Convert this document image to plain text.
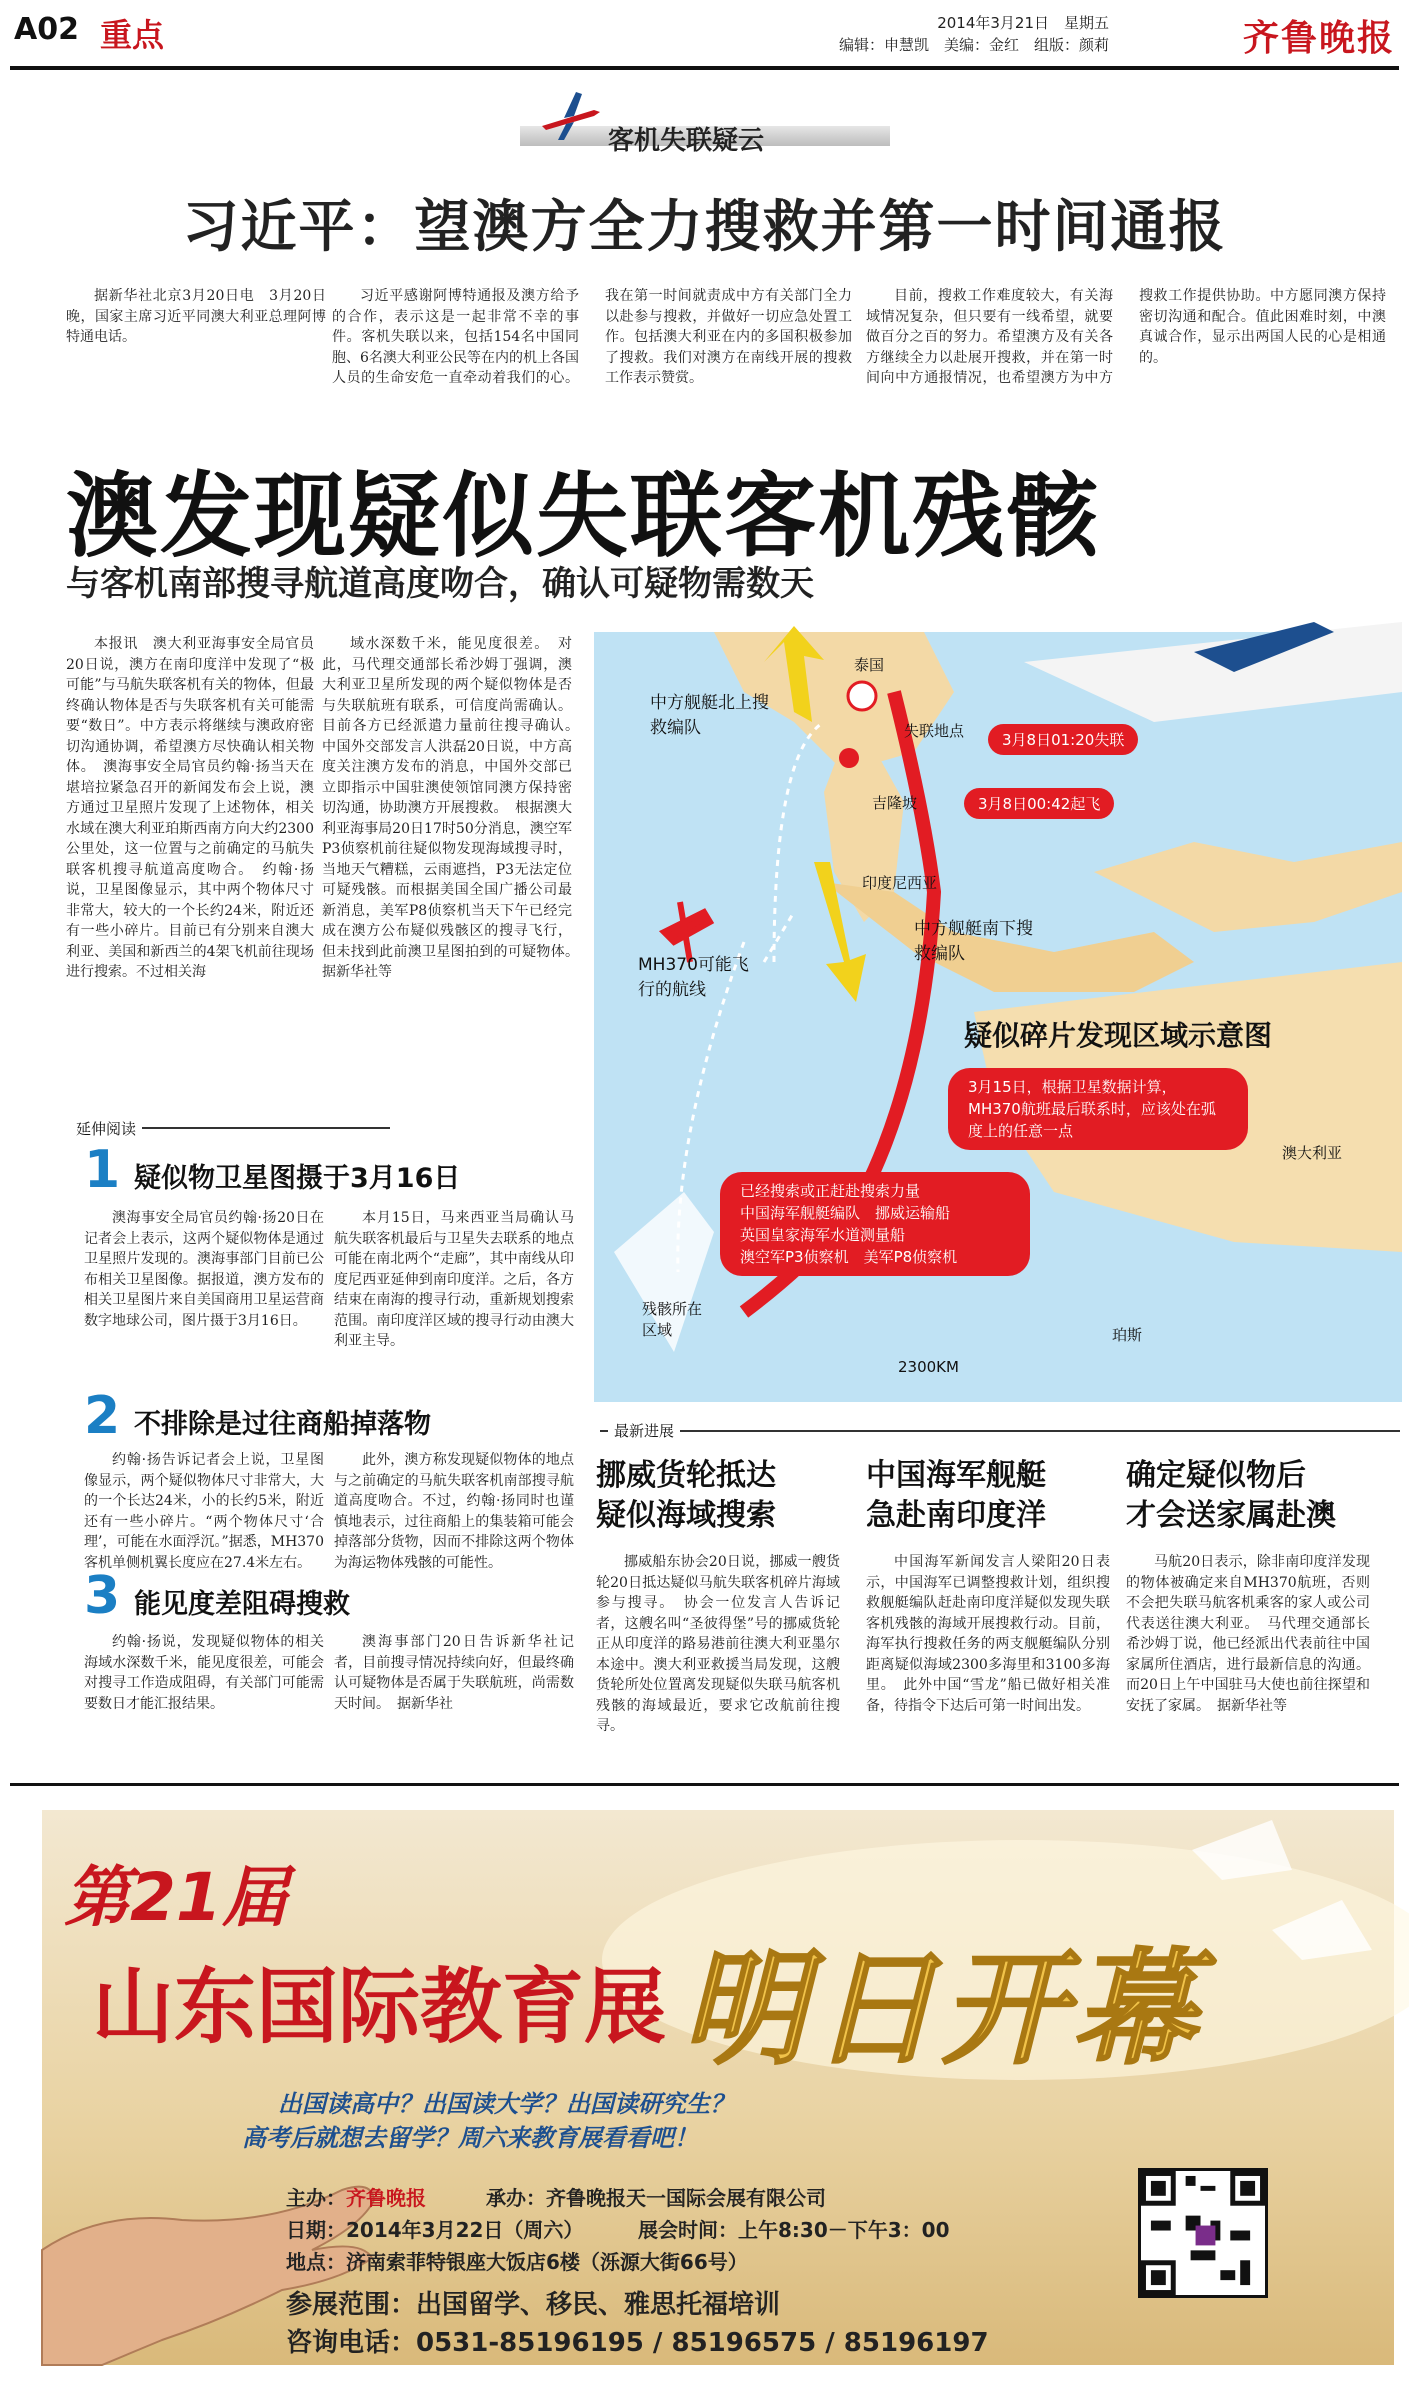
A02 重点	2014年3月21日　星期五
编辑：申慧凯　美编：金红　组版：颜莉	齐鲁晚报
客机失联疑云
习近平：望澳方全力搜救并第一时间通报
据新华社北京3月20日电　3月20日晚，国家主席习近平同澳大利亚总理阿博特通电话。
习近平感谢阿博特通报及澳方给予的合作，表示这是一起非常不幸的事件。客机失联以来，包括154名中国同胞、6名澳大利亚公民等在内的机上各国人员的生命安危一直牵动着我们的心。我在第一时间就责成中方有关部门全力以赴参与搜救，并做好一切应急处置工作。包括澳大利亚在内的多国积极参加了搜救。我们对澳方在南线开展的搜救工作表示赞赏。
目前，搜救工作难度较大，有关海域情况复杂，但只要有一线希望，就要做百分之百的努力。希望澳方及有关各方继续全力以赴展开搜救，并在第一时间向中方通报情况，也希望澳方为中方搜救工作提供协助。中方愿同澳方保持密切沟通和配合。值此困难时刻，中澳真诚合作，显示出两国人民的心是相通的。
澳发现疑似失联客机残骸
与客机南部搜寻航道高度吻合，确认可疑物需数天
本报讯　澳大利亚海事安全局官员20日说，澳方在南印度洋中发现了“极可能”与马航失联客机有关的物体，但最终确认物体是否与失联客机有关可能需要“数日”。中方表示将继续与澳政府密切沟通协调，希望澳方尽快确认相关物体。　澳海事安全局官员约翰·扬当天在堪培拉紧急召开的新闻发布会上说，澳方通过卫星照片发现了上述物体，相关水域在澳大利亚珀斯西南方向大约2300公里处，这一位置与之前确定的马航失联客机搜寻航道高度吻合。　约翰·扬说，卫星图像显示，其中两个物体尺寸非常大，较大的一个长约24米，附近还有一些小碎片。目前已有分别来自澳大利亚、美国和新西兰的4架飞机前往现场进行搜索。不过相关海
域水深数千米，能见度很差。　对此，马代理交通部长希沙姆丁强调，澳大利亚卫星所发现的两个疑似物体是否与失联航班有联系，可信度尚需确认。目前各方已经派遣力量前往搜寻确认。　中国外交部发言人洪磊20日说，中方高度关注澳方发布的消息，中国外交部已立即指示中国驻澳使领馆同澳方保持密切沟通，协助澳方开展搜救。　根据澳大利亚海事局20日17时50分消息，澳空军P3侦察机前往疑似物发现海域搜寻时，当地天气糟糕，云雨遮挡，P3无法定位可疑残骸。而根据美国全国广播公司最新消息，美军P8侦察机当天下午已经完成在澳方公布疑似残骸区的搜寻飞行，但未找到此前澳卫星图拍到的可疑物体。　据新华社等
泰国
中方舰艇北上搜救编队	失联地点
吉隆坡
印度尼西亚
中方舰艇南下搜救编队
MH370可能飞行的航线
澳大利亚
珀斯
残骸所在区域
2300KM
3月8日01:20失联
3月8日00:42起飞
疑似碎片发现区域示意图
3月15日，根据卫星数据计算，MH370航班最后联系时，应该处在弧度上的任意一点
已经搜索或正赶赴搜索力量
中国海军舰艇编队　挪威运输船
英国皇家海军水道测量船
澳空军P3侦察机　美军P8侦察机
延伸阅读
1 疑似物卫星图摄于3月16日
澳海事安全局官员约翰·扬20日在记者会上表示，这两个疑似物体是通过卫星照片发现的。澳海事部门目前已公布相关卫星图像。据报道，澳方发布的相关卫星图片来自美国商用卫星运营商数字地球公司，图片摄于3月16日。
本月15日，马来西亚当局确认马航失联客机最后与卫星失去联系的地点可能在南北两个“走廊”，其中南线从印度尼西亚延伸到南印度洋。之后，各方结束在南海的搜寻行动，重新规划搜索范围。南印度洋区域的搜寻行动由澳大利亚主导。
2 不排除是过往商船掉落物
约翰·扬告诉记者会上说，卫星图像显示，两个疑似物体尺寸非常大，大的一个长达24米，小的长约5米，附近还有一些小碎片。“两个物体尺寸‘合理’，可能在水面浮沉。”据悉，MH370客机单侧机翼长度应在27.4米左右。
此外，澳方称发现疑似物体的地点与之前确定的马航失联客机南部搜寻航道高度吻合。不过，约翰·扬同时也谨慎地表示，过往商船上的集装箱可能会掉落部分货物，因而不排除这两个物体为海运物体残骸的可能性。
3 能见度差阻碍搜救
约翰·扬说，发现疑似物体的相关海域水深数千米，能见度很差，可能会对搜寻工作造成阻碍，有关部门可能需要数日才能汇报结果。
澳海事部门20日告诉新华社记者，目前搜寻情况持续向好，但最终确认可疑物体是否属于失联航班，尚需数天时间。　据新华社
最新进展
挪威货轮抵达
疑似海域搜索
挪威船东协会20日说，挪威一艘货轮20日抵达疑似马航失联客机碎片海域参与搜寻。　协会一位发言人告诉记者，这艘名叫“圣彼得堡”号的挪威货轮正从印度洋的路易港前往澳大利亚墨尔本途中。澳大利亚救援当局发现，这艘货轮所处位置离发现疑似失联马航客机残骸的海域最近，要求它改航前往搜寻。
中国海军舰艇
急赴南印度洋
中国海军新闻发言人梁阳20日表示，中国海军已调整搜救计划，组织搜救舰艇编队赶赴南印度洋疑似发现失联客机残骸的海域开展搜救行动。目前，海军执行搜救任务的两支舰艇编队分别距离疑似海域2300多海里和3100多海里。　此外中国“雪龙”船已做好相关准备，待指令下达后可第一时间出发。
确定疑似物后
才会送家属赴澳
马航20日表示，除非南印度洋发现的物体被确定来自MH370航班，否则不会把失联马航客机乘客的家人或公司代表送往澳大利亚。　马代理交通部长希沙姆丁说，他已经派出代表前往中国家属所住酒店，进行最新信息的沟通。而20日上午中国驻马大使也前往探望和安抚了家属。　据新华社等
第21届
山东国际教育展 明日开幕
出国读高中？出国读大学？出国读研究生？
高考后就想去留学？周六来教育展看看吧！
主办：齐鲁晚报	承办：齐鲁晚报天一国际会展有限公司
日期：2014年3月22日（周六）	展会时间：上午8:30－下午3：00
地点：济南索菲特银座大饭店6楼（泺源大街66号）
参展范围：出国留学、移民、雅思托福培训
咨询电话：0531-85196195 / 85196575 / 85196197
